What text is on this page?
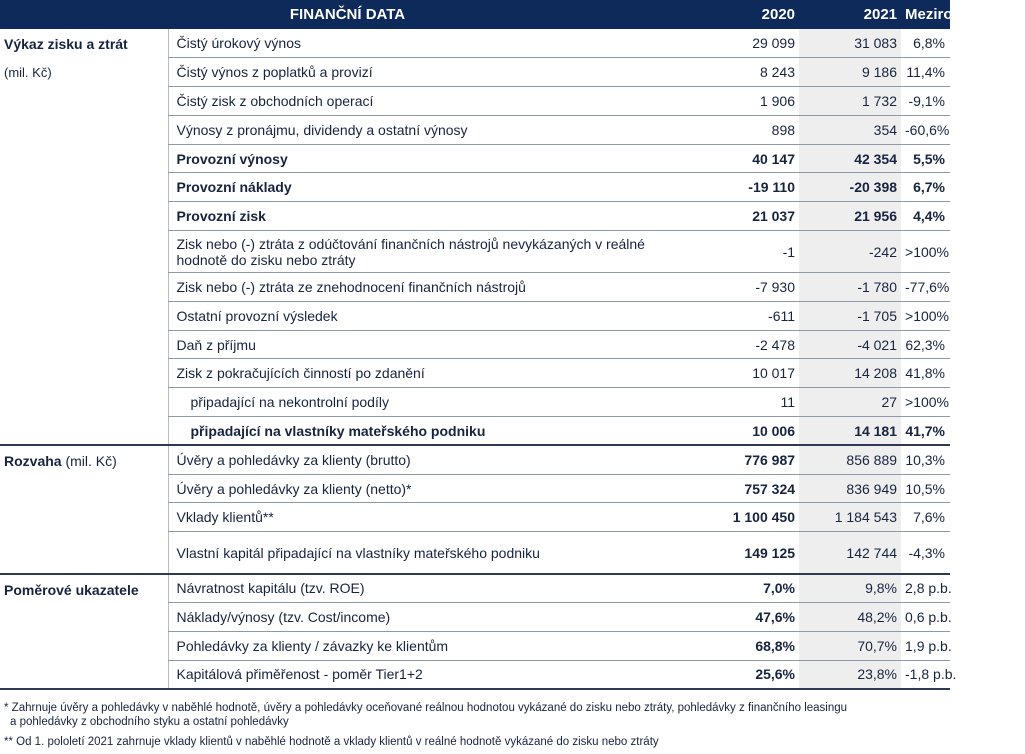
FINANČNÍ DATA		2020	2021	Meziroční změna

Výkaz zisku a ztrát
(mil. Kč)	Čistý úrokový výnos	29 099	31 083	6,8%
	Čistý výnos z poplatků a provizí	8 243	9 186	11,4%
	Čistý zisk z obchodních operací	1 906	1 732	-9,1%
	Výnosy z pronájmu, dividendy a ostatní výnosy	898	354	-60,6%
	Provozní výnosy	40 147	42 354	5,5%
	Provozní náklady	-19 110	-20 398	6,7%
	Provozní zisk	21 037	21 956	4,4%
	Zisk nebo (-) ztráta z odúčtování finančních nástrojů nevykázaných v reálné hodnotě do zisku nebo ztráty	-1	-242	>100%
	Zisk nebo (-) ztráta ze znehodnocení finančních nástrojů	-7 930	-1 780	-77,6%
	Ostatní provozní výsledek	-611	-1 705	>100%
	Daň z příjmu	-2 478	-4 021	62,3%
	Zisk z pokračujících činností po zdanění	10 017	14 208	41,8%
	připadající na nekontrolní podíly	11	27	>100%
	připadající na vlastníky mateřského podniku	10 006	14 181	41,7%

Rozvaha (mil. Kč)	Úvěry a pohledávky za klienty (brutto)	776 987	856 889	10,3%
	Úvěry a pohledávky za klienty (netto)*	757 324	836 949	10,5%
	Vklady klientů**	1 100 450	1 184 543	7,6%
	Vlastní kapitál připadající na vlastníky mateřského podniku	149 125	142 744	-4,3%

Poměrové ukazatele	Návratnost kapitálu (tzv. ROE)	7,0%	9,8%	2,8 p.b.
	Náklady/výnosy (tzv. Cost/income)	47,6%	48,2%	0,6 p.b.
	Pohledávky za klienty / závazky ke klientům	68,8%	70,7%	1,9 p.b.
	Kapitálová přiměřenost - poměr Tier1+2	25,6%	23,8%	-1,8 p.b.

* Zahrnuje úvěry a pohledávky v naběhlé hodnotě, úvěry a pohledávky oceňované reálnou hodnotou vykázané do zisku nebo ztráty, pohledávky z finančního leasingu

a pohledávky z obchodního styku a ostatní pohledávky

** Od 1. pololetí 2021 zahrnuje vklady klientů v naběhlé hodnotě a vklady klientů v reálné hodnotě vykázané do zisku nebo ztráty
